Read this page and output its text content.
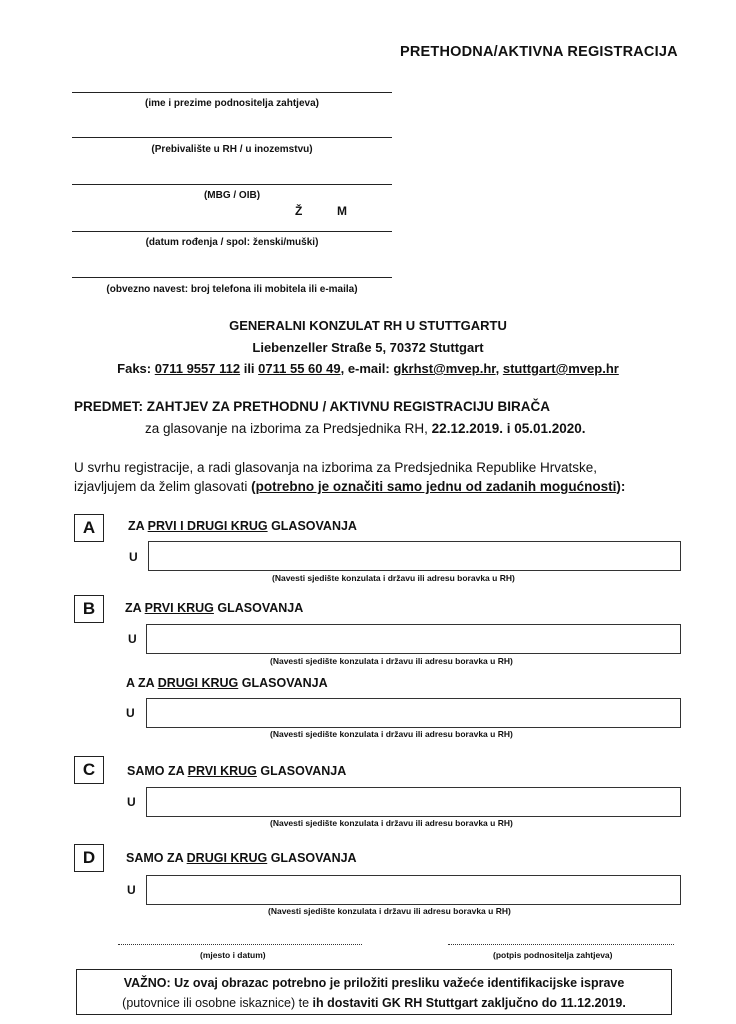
PRETHODNA/AKTIVNA REGISTRACIJA
(ime i prezime podnositelja zahtjeva)
(Prebivalište u RH / u inozemstvu)
(MBG / OIB)
Ž	M
(datum rođenja / spol: ženski/muški)
(obvezno navest: broj telefona ili mobitela ili e-maila)
GENERALNI KONZULAT RH U STUTTGARTU
Liebenzeller Straße 5, 70372 Stuttgart
Faks: 0711 9557 112 ili 0711 55 60 49, e-mail: gkrhst@mvep.hr, stuttgart@mvep.hr
PREDMET: ZAHTJEV ZA PRETHODNU / AKTIVNU REGISTRACIJU BIRAČA
za glasovanje na izborima za Predsjednika RH, 22.12.2019. i 05.01.2020.
U svrhu registracije, a radi glasovanja na izborima za Predsjednika Republike Hrvatske,
izjavljujem da želim glasovati (potrebno je označiti samo jednu od zadanih mogućnosti):
A	ZA PRVI I DRUGI KRUG GLASOVANJA
U
(Navesti sjedište konzulata i državu ili adresu boravka u RH)
B	ZA PRVI KRUG GLASOVANJA
U
(Navesti sjedište konzulata i državu ili adresu boravka u RH)
A ZA DRUGI KRUG GLASOVANJA
U
(Navesti sjedište konzulata i državu ili adresu boravka u RH)
C	SAMO ZA PRVI KRUG GLASOVANJA
U
(Navesti sjedište konzulata i državu ili adresu boravka u RH)
D	SAMO ZA DRUGI KRUG GLASOVANJA
U
(Navesti sjedište konzulata i državu ili adresu boravka u RH)
(mjesto i datum)	(potpis podnositelja zahtjeva)
VAŽNO: Uz ovaj obrazac potrebno je priložiti presliku važeće identifikacijske isprave
(putovnice ili osobne iskaznice) te ih dostaviti GK RH Stuttgart zaključno do 11.12.2019.
